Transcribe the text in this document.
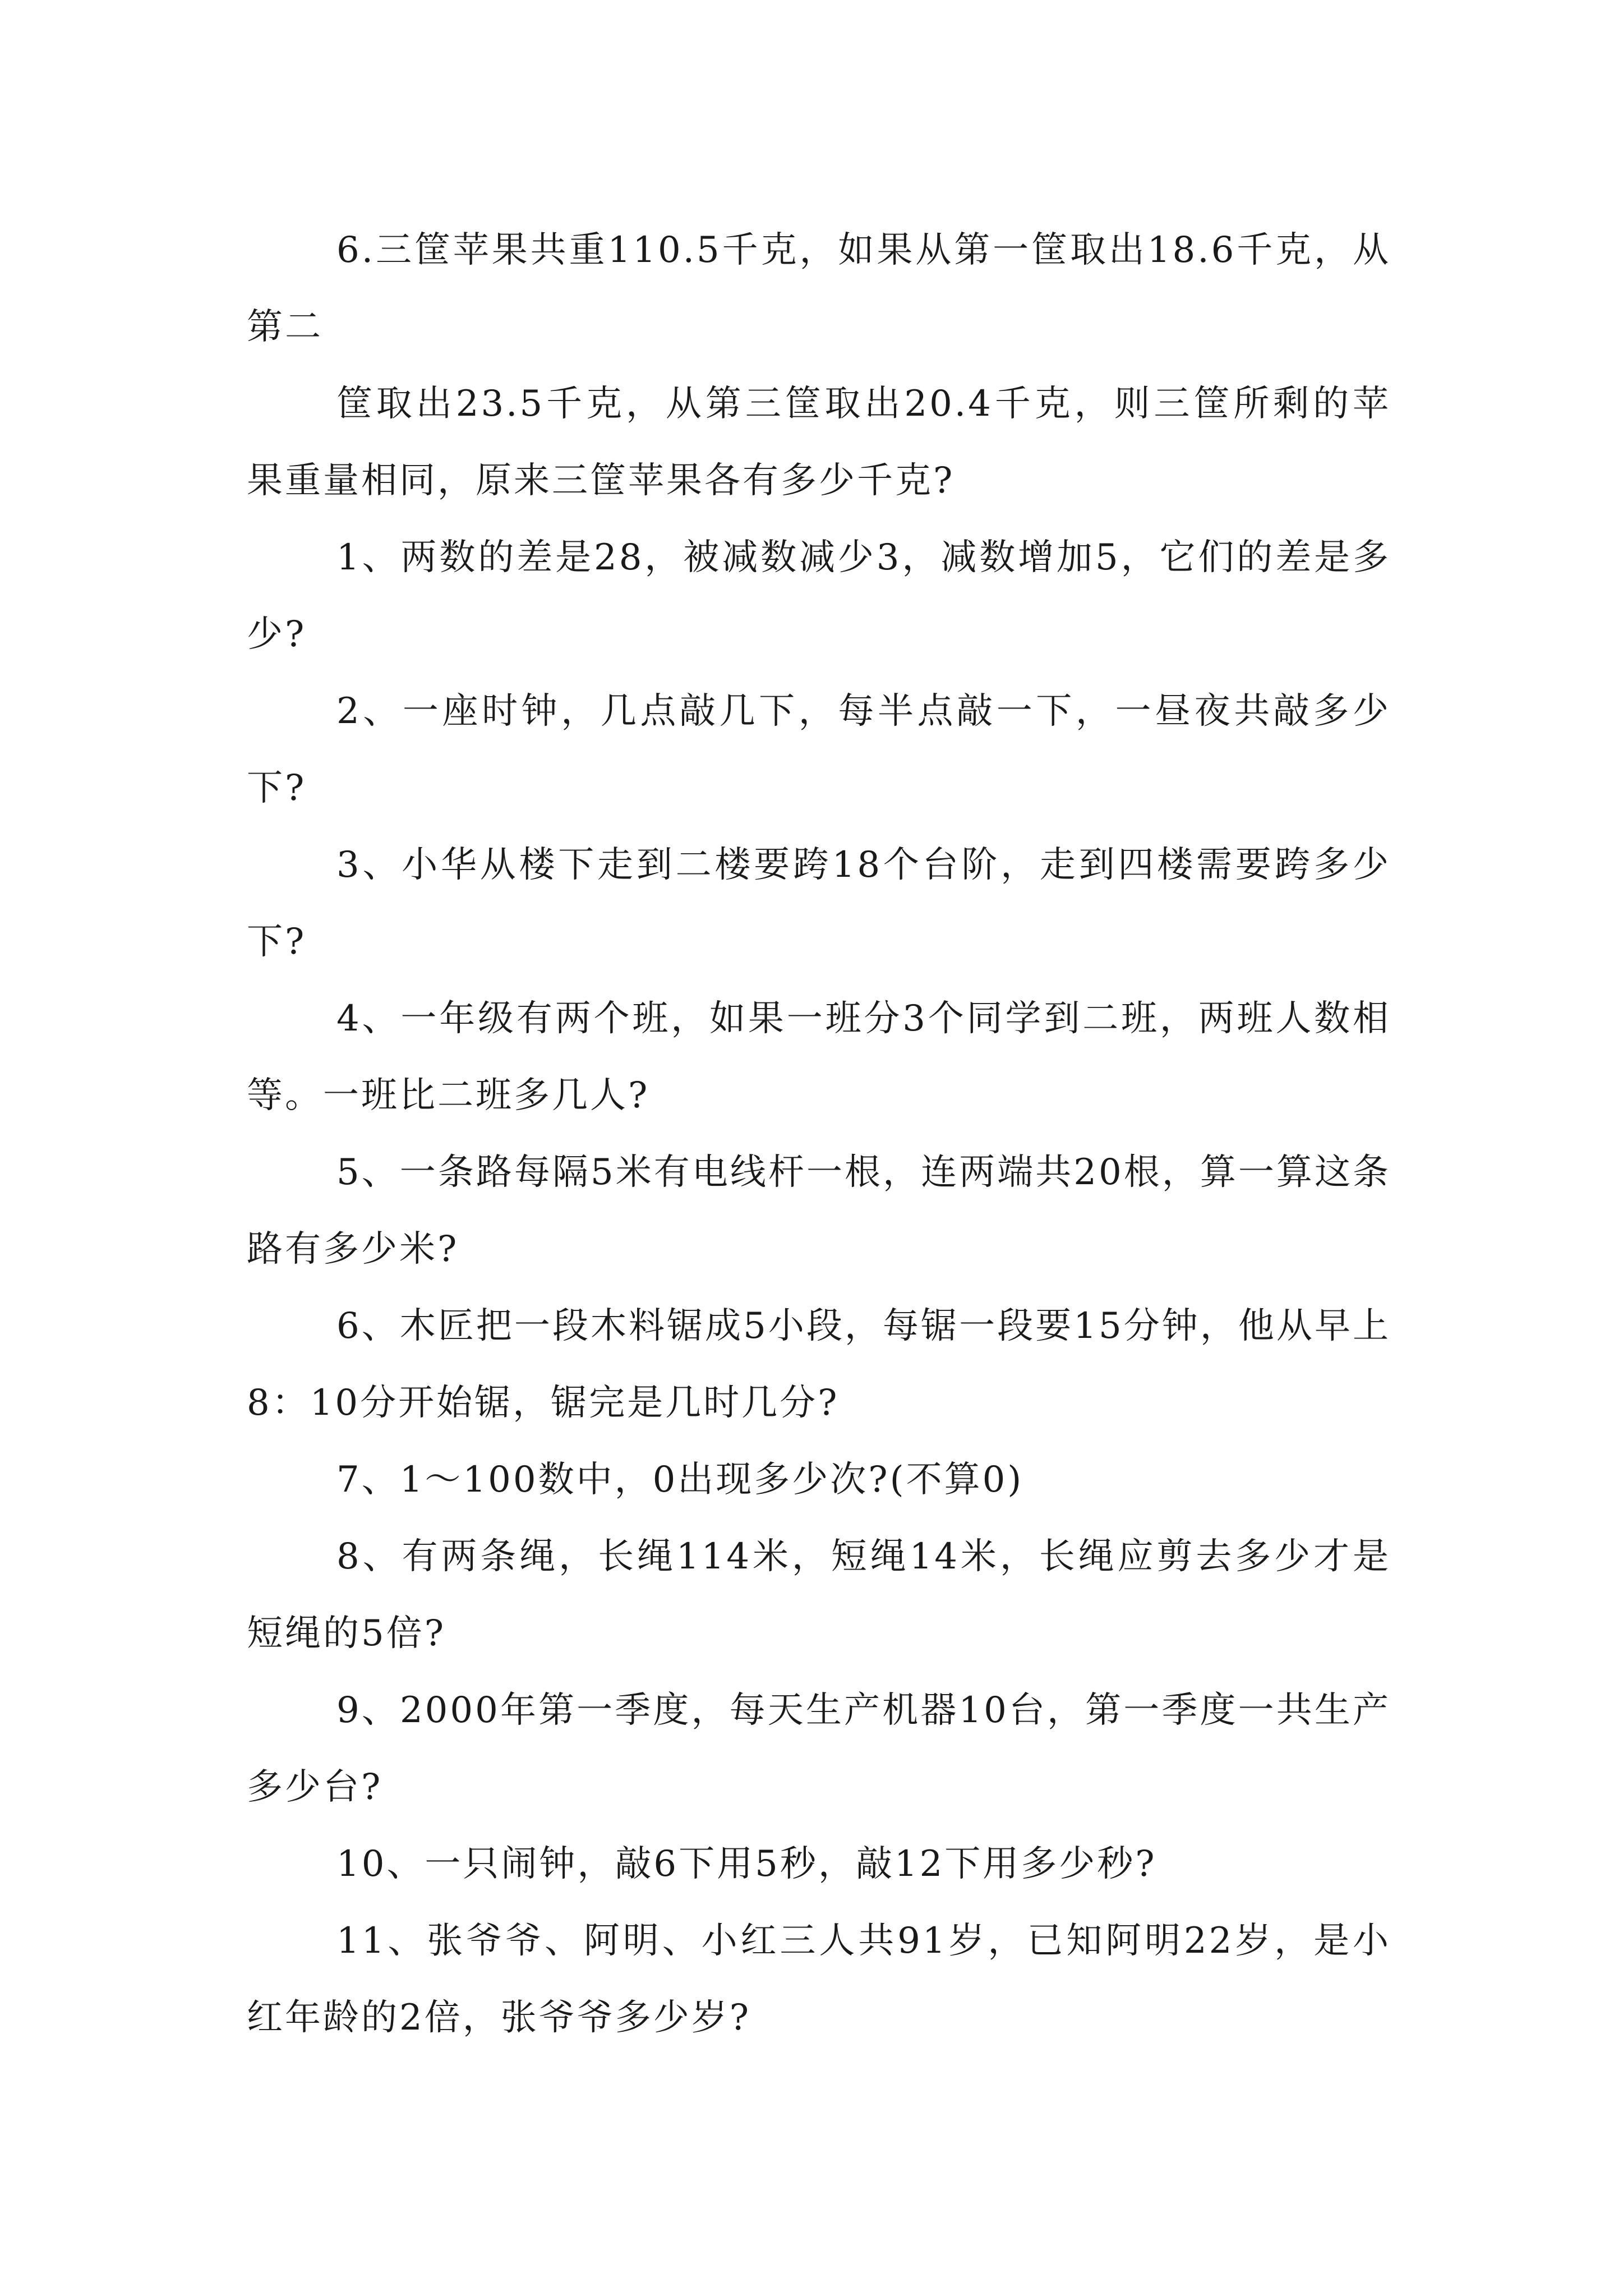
6.三筐苹果共重110.5千克，如果从第一筐取出18.6千克，从第二

筐取出23.5千克，从第三筐取出20.4千克，则三筐所剩的苹果重量相同，原来三筐苹果各有多少千克?

1、两数的差是28，被减数减少3，减数增加5，它们的差是多少?

2、一座时钟，几点敲几下，每半点敲一下，一昼夜共敲多少下?

3、小华从楼下走到二楼要跨18个台阶，走到四楼需要跨多少下?

4、一年级有两个班，如果一班分3个同学到二班，两班人数相等。一班比二班多几人?

5、一条路每隔5米有电线杆一根，连两端共20根，算一算这条路有多少米?

6、木匠把一段木料锯成5小段，每锯一段要15分钟，他从早上8：10分开始锯，锯完是几时几分?

7、1～100数中，0出现多少次?(不算0)

8、有两条绳，长绳114米，短绳14米，长绳应剪去多少才是短绳的5倍?

9、2000年第一季度，每天生产机器10台，第一季度一共生产多少台?

10、一只闹钟，敲6下用5秒，敲12下用多少秒?

11、张爷爷、阿明、小红三人共91岁，已知阿明22岁，是小红年龄的2倍，张爷爷多少岁?
